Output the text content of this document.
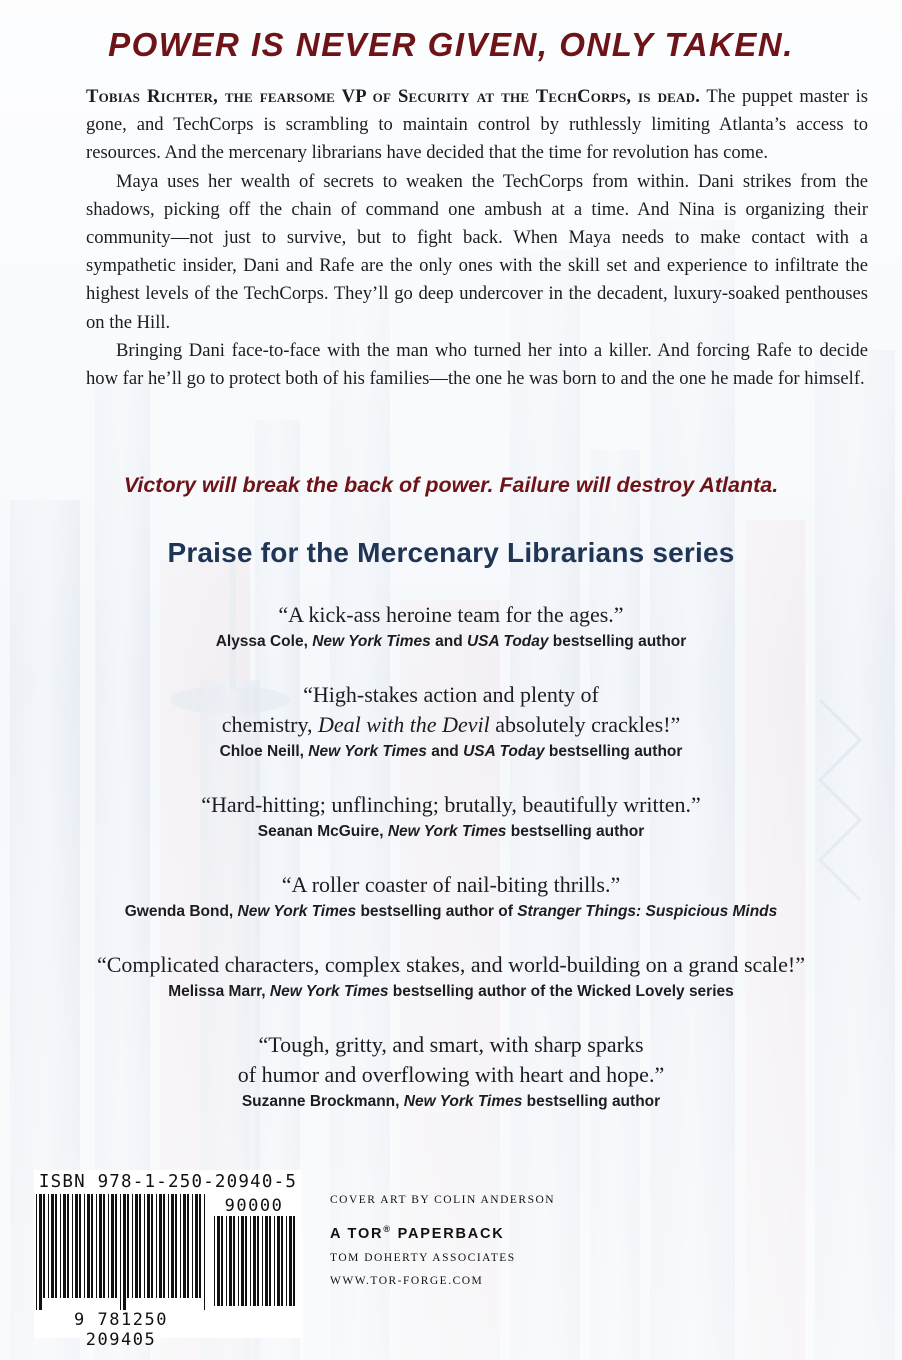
POWER IS NEVER GIVEN, ONLY TAKEN.

Tobias Richter, the fearsome VP of Security at the TechCorps, is dead. The puppet master is gone, and TechCorps is scrambling to maintain control by ruthlessly limiting Atlanta’s access to resources. And the mercenary librarians have decided that the time for revolution has come.

Maya uses her wealth of secrets to weaken the TechCorps from within. Dani strikes from the shadows, picking off the chain of command one ambush at a time. And Nina is organizing their community—not just to survive, but to fight back. When Maya needs to make contact with a sympathetic insider, Dani and Rafe are the only ones with the skill set and experience to infiltrate the highest levels of the TechCorps. They’ll go deep undercover in the decadent, luxury-soaked penthouses on the Hill.

Bringing Dani face-to-face with the man who turned her into a killer. And forcing Rafe to decide how far he’ll go to protect both of his families—the one he was born to and the one he made for himself.

Victory will break the back of power. Failure will destroy Atlanta.
Praise for the Mercenary Librarians series
“A kick-ass heroine team for the ages.”
Alyssa Cole, New York Times and USA Today bestselling author
“High-stakes action and plenty of
chemistry, Deal with the Devil absolutely crackles!”
Chloe Neill, New York Times and USA Today bestselling author
“Hard-hitting; unflinching; brutally, beautifully written.”
Seanan McGuire, New York Times bestselling author
“A roller coaster of nail-biting thrills.”
Gwenda Bond, New York Times bestselling author of Stranger Things: Suspicious Minds
“Complicated characters, complex stakes, and world-building on a grand scale!”
Melissa Marr, New York Times bestselling author of the Wicked Lovely series
“Tough, gritty, and smart, with sharp sparks
of humor and overflowing with heart and hope.”
Suzanne Brockmann, New York Times bestselling author
ISBN 978-1-250-20940-5
90000
9 781250 209405
COVER ART BY COLIN ANDERSON
A TOR® PAPERBACK
TOM DOHERTY ASSOCIATES
WWW.TOR-FORGE.COM
